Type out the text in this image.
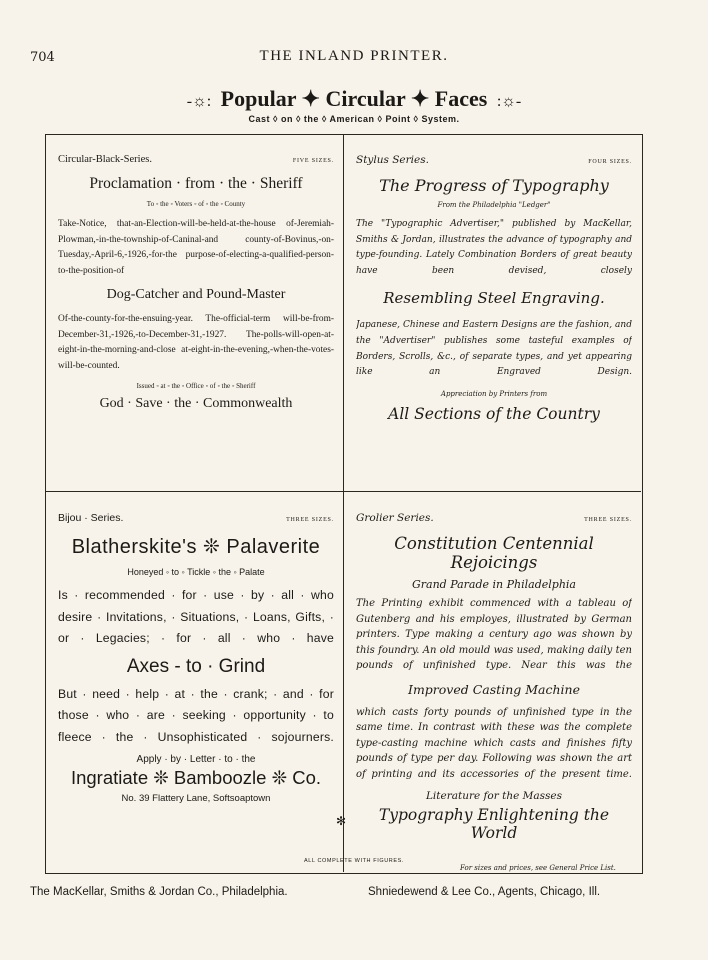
704	THE INLAND PRINTER.
-☼: Popular ✦ Circular ✦ Faces :☼-
Cast ◊ on ◊ the ◊ American ◊ Point ◊ System.
✻
Circular-Black-Series.	FIVE SIZES.
Proclamation · from · the · Sheriff
To ◦ the ◦ Voters ◦ of ◦ the ◦ County

Take-Notice, that-an-Election-will-be-held-at-the-house of-Jeremiah-Plowman,-in-the-township-of-Caninal-and county-of-Bovinus,-on-Tuesday,-April-6,-1926,-for-the purpose-of-electing-a-qualified-person-to-the-position-of

Dog-Catcher and Pound-Master

Of-the-county-for-the-ensuing-year. The-official-term will-be-from-December-31,-1926,-to-December-31,-1927. The-polls-will-open-at-eight-in-the-morning-and-close at-eight-in-the-evening,-when-the-votes-will-be-counted.

Issued ◦ at ◦ the ◦ Office ◦ of ◦ the ◦ Sheriff
God · Save · the · Commonwealth
Stylus Series.	FOUR SIZES.
The Progress of Typography
From the Philadelphia "Ledger"

The "Typographic Advertiser," published by MacKellar, Smiths & Jordan, illustrates the advance of typography and type-founding. Lately Combination Borders of great beauty have been devised, closely

Resembling Steel Engraving.

Japanese, Chinese and Eastern Designs are the fashion, and the "Advertiser" publishes some tasteful examples of Borders, Scrolls, &c., of separate types, and yet appearing like an Engraved Design.

Appreciation by Printers from
All Sections of the Country
Bijou · Series.	THREE SIZES.
Blatherskite's ❊ Palaverite
Honeyed ◦ to ◦ Tickle ◦ the ◦ Palate

Is · recommended · for · use · by · all · who desire · Invitations, · Situations, · Loans, Gifts, · or · Legacies; · for · all · who · have

Axes - to · Grind

But · need · help · at · the · crank; · and · for those · who · are · seeking · opportunity · to fleece · the · Unsophisticated · sojourners.

Apply · by · Letter · to · the
Ingratiate ❊ Bamboozle ❊ Co.
No. 39 Flattery Lane, Softsoaptown
Grolier Series.	THREE SIZES.
Constitution Centennial Rejoicings
Grand Parade in Philadelphia

The Printing exhibit commenced with a tableau of Gutenberg and his employes, illustrated by German printers. Type making a century ago was shown by this foundry. An old mould was used, making daily ten pounds of unfinished type. Near this was the

Improved Casting Machine

which casts forty pounds of unfinished type in the same time. In contrast with these was the complete type-casting machine which casts and finishes fifty pounds of type per day. Following was shown the art of printing and its accessories of the present time.

Literature for the Masses
Typography Enlightening the World
ALL COMPLETE WITH FIGURES.
For sizes and prices, see General Price List.
The MacKellar, Smiths & Jordan Co., Philadelphia.	Shniedewend & Lee Co., Agents, Chicago, Ill.
